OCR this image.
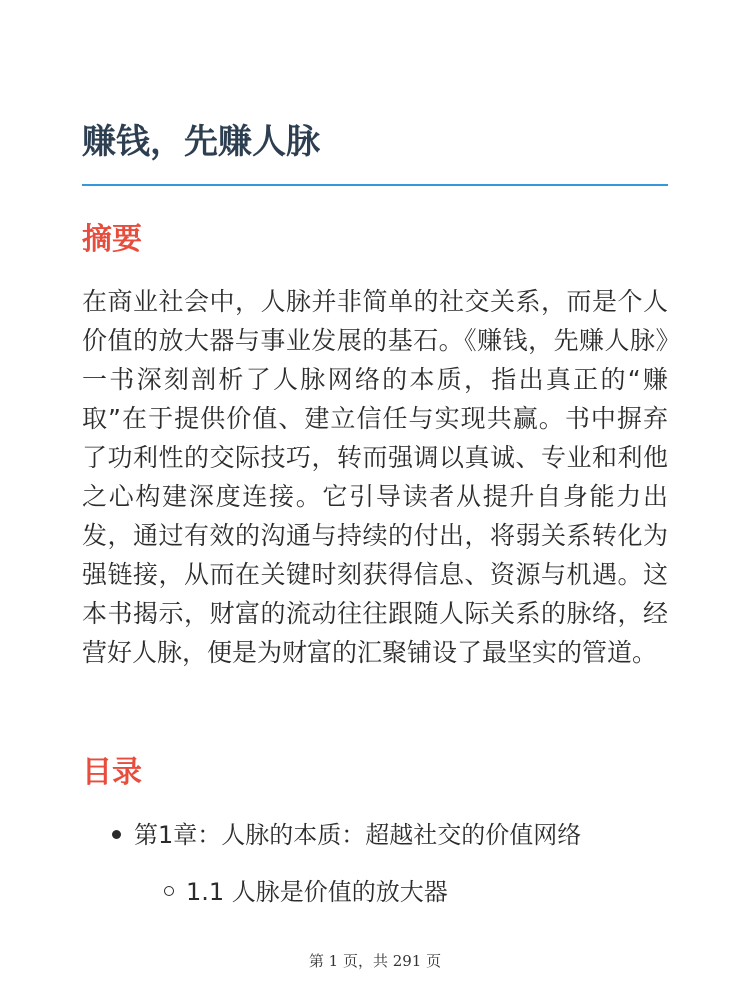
赚钱，先赚人脉
摘要

在商业社会中，人脉并非简单的社交关系，而是个人价值的放大器与事业发展的基石。《赚钱，先赚人脉》一书深刻剖析了人脉网络的本质，指出真正的“赚取”在于提供价值、建立信任与实现共赢。书中摒弃了功利性的交际技巧，转而强调以真诚、专业和利他之心构建深度连接。它引导读者从提升自身能力出发，通过有效的沟通与持续的付出，将弱关系转化为强链接，从而在关键时刻获得信息、资源与机遇。这本书揭示，财富的流动往往跟随人际关系的脉络，经营好人脉，便是为财富的汇聚铺设了最坚实的管道。

目录
第1章：人脉的本质：超越社交的价值网络
1.1 人脉是价值的放大器
第 1 页，共 291 页
